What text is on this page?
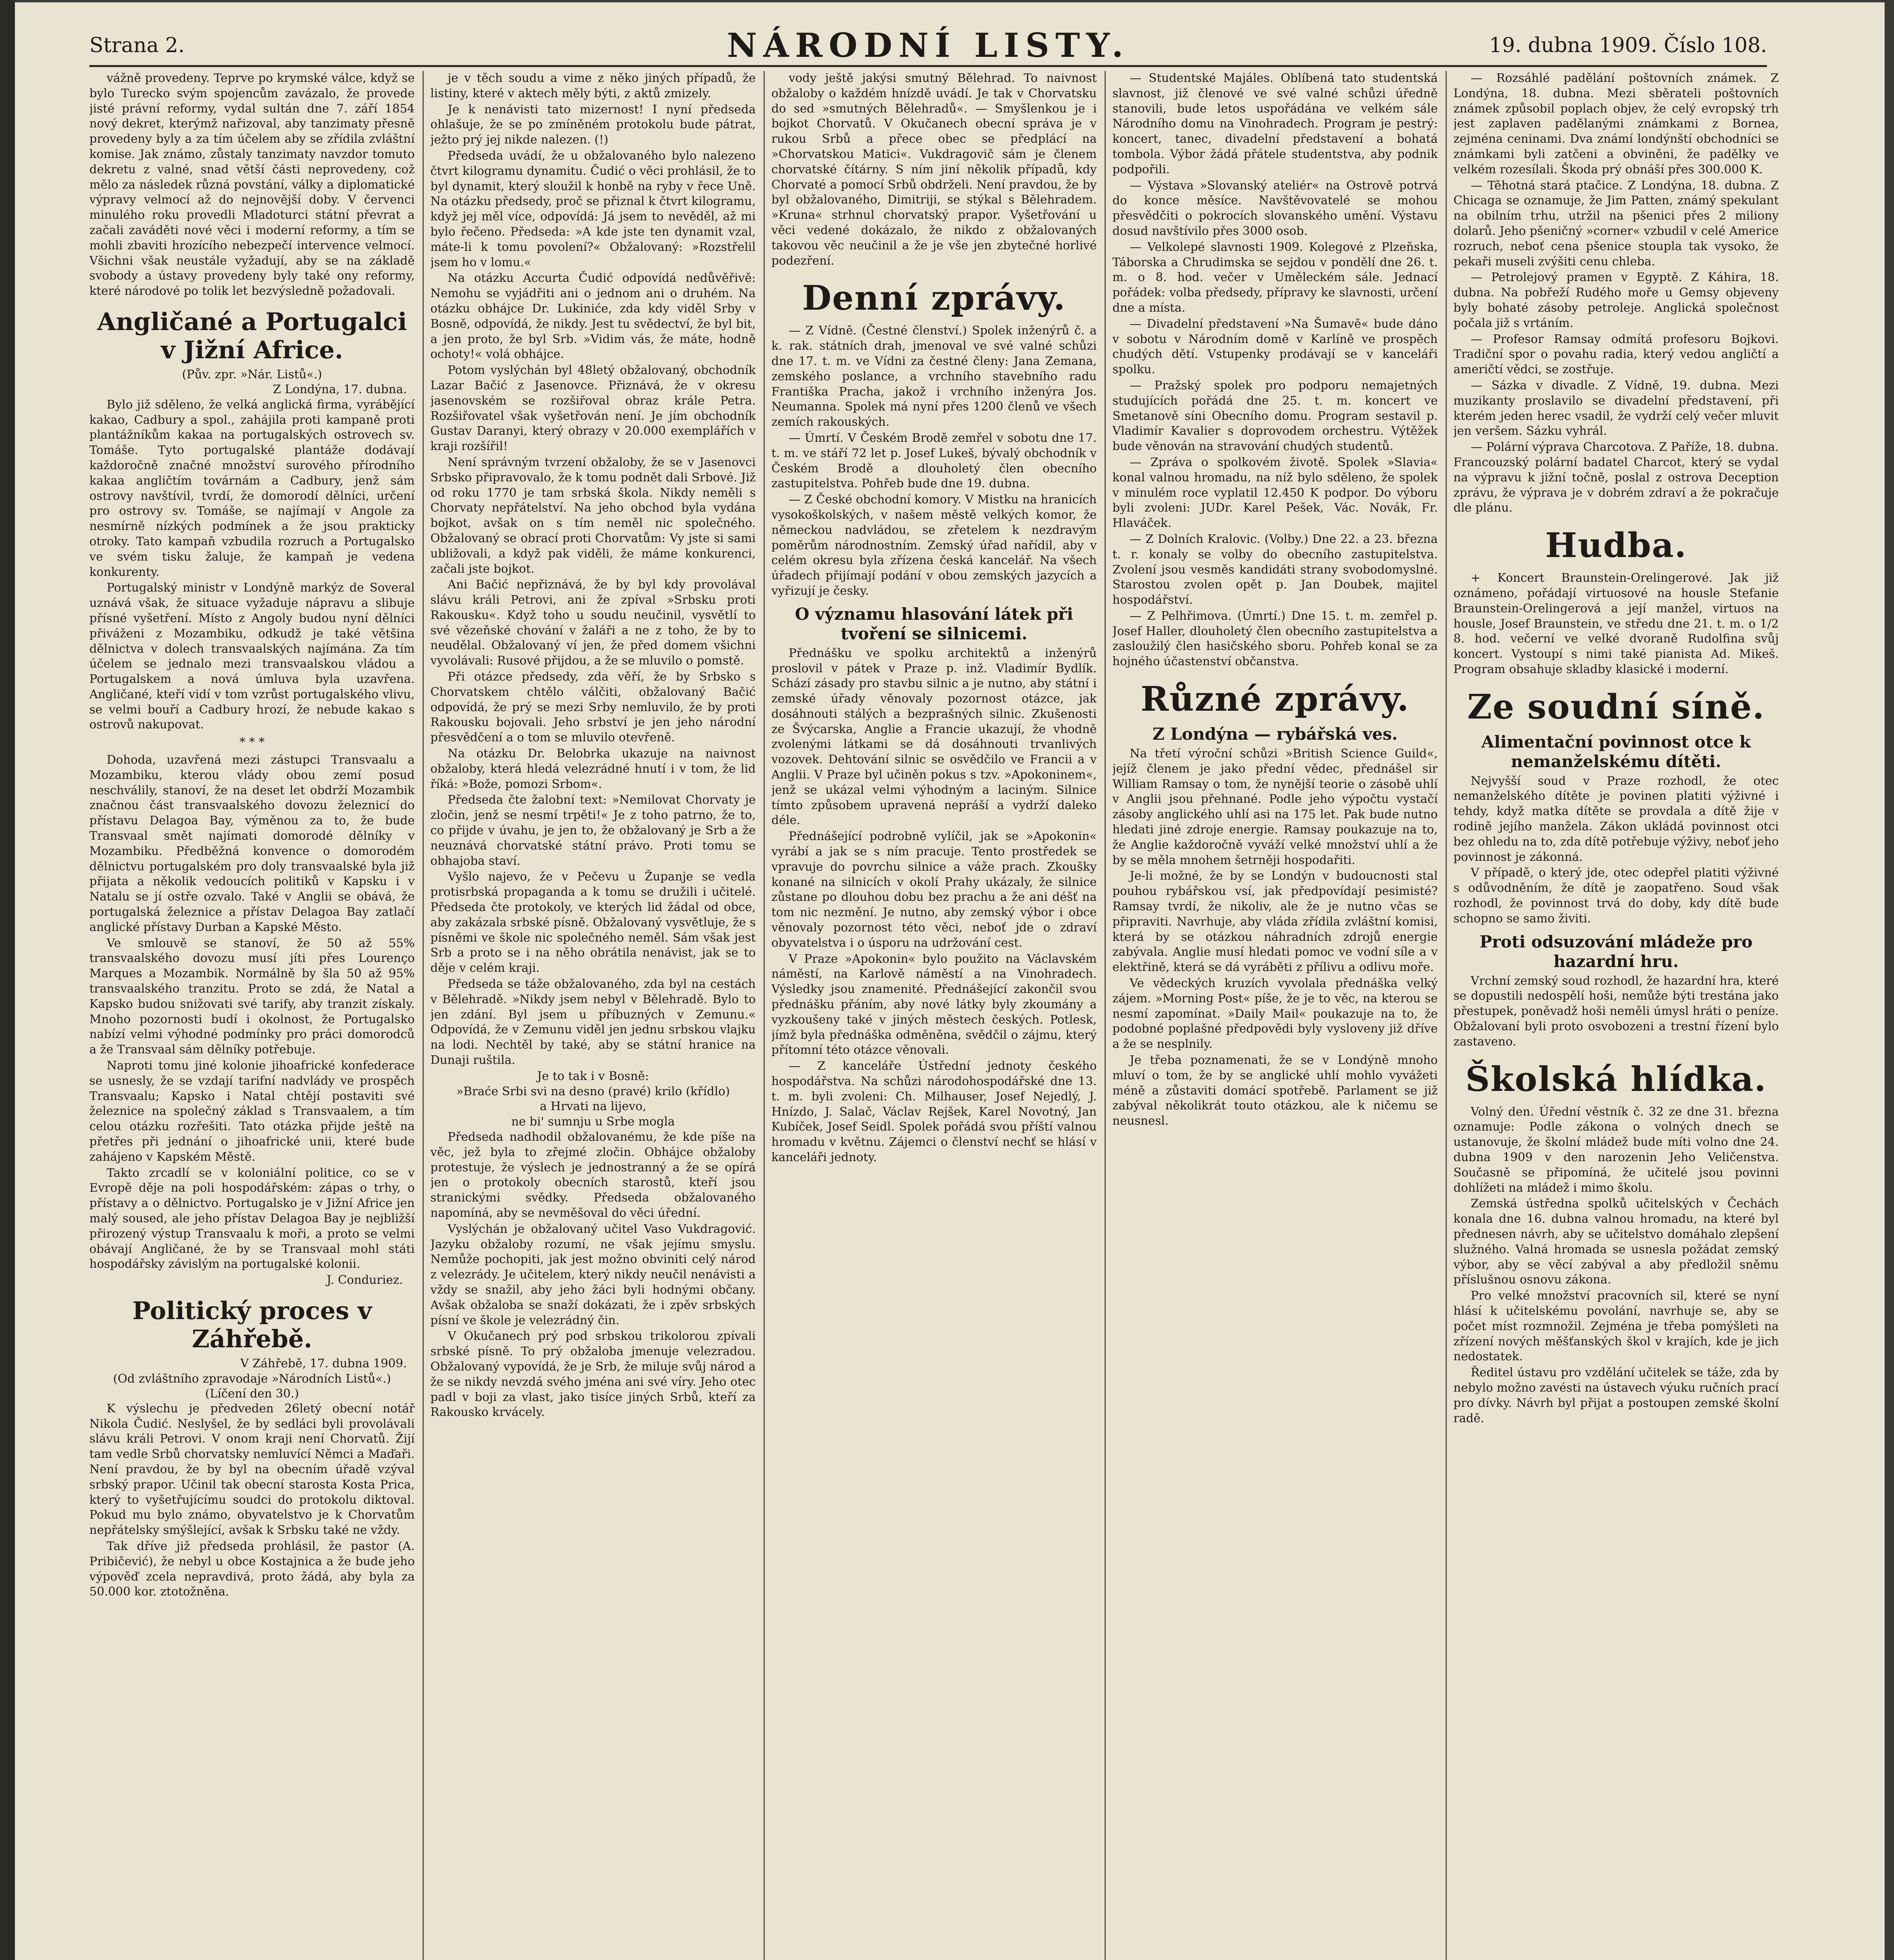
Strana 2.	NÁRODNÍ LISTY.	19. dubna 1909. Číslo 108.

vážně provedeny. Teprve po krymské válce, když se bylo Turecko svým spojencům zavázalo, že provede jisté právní reformy, vydal sultán dne 7. září 1854 nový dekret, kterýmž nařizoval, aby tanzimaty přesně provedeny byly a za tím účelem aby se zřídila zvláštní komise. Jak známo, zůstaly tanzimaty navzdor tomuto dekretu z valné, snad větší části neprovedeny, což mělo za následek různá povstání, války a diplomatické výpravy velmocí až do nejnovější doby. V červenci minulého roku provedli Mladoturci státní převrat a začali zaváděti nové věci i moderní reformy, a tím se mohli zbaviti hrozícího nebezpečí intervence velmocí. Všichni však neustále vyžadují, aby se na základě svobody a ústavy provedeny byly také ony reformy, které národové po tolik let bezvýsledně požadovali.

Angličané a Portugalci v Jižní Africe.
(Pův. zpr. »Nár. Listů«.)
Z Londýna, 17. dubna.

Bylo již sděleno, že velká anglická firma, vyrábějící kakao, Cadbury a spol., zahájila proti kampaně proti plantážníkům kakaa na portugalských ostrovech sv. Tomáše. Tyto portugalské plantáže dodávají každoročně značné množství surového přírodního kakaa angličtím továrnám a Cadbury, jenž sám ostrovy navštívil, tvrdí, že domorodí dělníci, určení pro ostrovy sv. Tomáše, se najímají v Angole za nesmírně nízkých podmínek a že jsou prakticky otroky. Tato kampaň vzbudila rozruch a Portugalsko ve svém tisku žaluje, že kampaň je vedena konkurenty.

Portugalský ministr v Londýně markýz de Soveral uznává však, že situace vyžaduje nápravu a slibuje přísné vyšetření. Místo z Angoly budou nyní dělníci přiváženi z Mozambiku, odkudž je také většina dělnictva v dolech transvaalských najímána. Za tím účelem se jednalo mezi transvaalskou vládou a Portugalskem a nová úmluva byla uzavřena. Angličané, kteří vidí v tom vzrůst portugalského vlivu, se velmi bouří a Cadbury hrozí, že nebude kakao s ostrovů nakupovat.

* * *

Dohoda, uzavřená mezi zástupci Transvaalu a Mozambiku, kterou vlády obou zemí posud neschválily, stanoví, že na deset let obdrží Mozambik značnou část transvaalského dovozu železnicí do přístavu Delagoa Bay, výměnou za to, že bude Transvaal smět najímati domorodé dělníky v Mozambiku. Předběžná konvence o domorodém dělnictvu portugalském pro doly transvaalské byla již přijata a několik vedoucích politiků v Kapsku i v Natalu se jí ostře ozvalo. Také v Anglii se obává, že portugalská železnice a přístav Delagoa Bay zatlačí anglické přístavy Durban a Kapské Město.

Ve smlouvě se stanoví, že 50 až 55% transvaalského dovozu musí jíti přes Lourenço Marques a Mozambik. Normálně by šla 50 až 95% transvaalského tranzitu. Proto se zdá, že Natal a Kapsko budou snižovati své tarify, aby tranzit získaly. Mnoho pozornosti budí i okolnost, že Portugalsko nabízí velmi výhodné podmínky pro práci domorodců a že Transvaal sám dělníky potřebuje.

Naproti tomu jiné kolonie jihoafrické konfederace se usnesly, že se vzdají tarifní nadvlády ve prospěch Transvaalu; Kapsko i Natal chtějí postaviti své železnice na společný základ s Transvaalem, a tím celou otázku rozřešiti. Tato otázka přijde ještě na přetřes při jednání o jihoafrické unii, které bude zahájeno v Kapském Městě.

Takto zrcadlí se v koloniální politice, co se v Evropě děje na poli hospodářském: zápas o trhy, o přístavy a o dělnictvo. Portugalsko je v Jižní Africe jen malý soused, ale jeho přístav Delagoa Bay je nejbližší přirozený výstup Transvaalu k moři, a proto se velmi obávají Angličané, že by se Transvaal mohl státi hospodářsky závislým na portugalské kolonii.

J. Conduriez.
Politický proces v Záhřebě.
V Záhřebě, 17. dubna 1909.
(Od zvláštního zpravodaje »Národních Listů«.)
(Líčení den 30.)

K výslechu je předveden 26letý obecní notář Nikola Čudić. Neslyšel, že by sedláci byli provolávali slávu králi Petrovi. V onom kraji není Chorvatů. Žijí tam vedle Srbů chorvatsky nemluvící Němci a Maďaři. Není pravdou, že by byl na obecním úřadě vzýval srbský prapor. Učinil tak obecní starosta Kosta Prica, který to vyšetřujícímu soudci do protokolu diktoval. Pokud mu bylo známo, obyvatelstvo je k Chorvatům nepřátelsky smýšlející, avšak k Srbsku také ne vždy.

Tak dříve již předseda prohlásil, že pastor (A. Pribičević), že nebyl u obce Kostajnica a že bude jeho výpověď zcela nepravdivá, proto žádá, aby byla za 50.000 kor. ztotožněna.

je v těch soudu a vime z něko jiných případů, že listiny, které v aktech měly býti, z aktů zmizely.

Je k nenávisti tato mizernost! I nyní předseda ohlašuje, že se po zmíněném protokolu bude pátrat, ježto prý jej nikde nalezen. (!)

Předseda uvádí, že u obžalovaného bylo nalezeno čtvrt kilogramu dynamitu. Čudić o věci prohlásil, že to byl dynamit, který sloužil k honbě na ryby v řece Uně. Na otázku předsedy, proč se přiznal k čtvrt kilogramu, když jej měl více, odpovídá: Já jsem to nevěděl, až mi bylo řečeno. Předseda: »A kde jste ten dynamit vzal, máte-li k tomu povolení?« Obžalovaný: »Rozstřelil jsem ho v lomu.«

Na otázku Accurta Čudić odpovídá nedůvěřivě: Nemohu se vyjádřiti ani o jednom ani o druhém. Na otázku obhájce Dr. Lukiniće, zda kdy viděl Srby v Bosně, odpovídá, že nikdy. Jest tu svědectví, že byl bit, a jen proto, že byl Srb. »Vidim vás, že máte, hodně ochoty!« volá obhájce.

Potom vyslýchán byl 48letý obžalovaný, obchodník Lazar Bačić z Jasenovce. Přiznává, že v okresu jasenovském se rozšiřoval obraz krále Petra. Rozšiřovatel však vyšetřován není. Je jím obchodník Gustav Daranyi, který obrazy v 20.000 exemplářích v kraji rozšířil!

Není správným tvrzení obžaloby, že se v Jasenovci Srbsko připravovalo, že k tomu podnět dali Srbové. Již od roku 1770 je tam srbská škola. Nikdy neměli s Chorvaty nepřátelství. Na jeho obchod byla vydána bojkot, avšak on s tím neměl nic společného. Obžalovaný se obrací proti Chorvatům: Vy jste si sami ubližovali, a když pak viděli, že máme konkurenci, začali jste bojkot.

Ani Bačić nepřiznává, že by byl kdy provolával slávu králi Petrovi, ani že zpíval »Srbsku proti Rakousku«. Když toho u soudu neučinil, vysvětlí to své vězeňské chování v žaláři a ne z toho, že by to neudělal. Obžalovaný ví jen, že před domem všichni vyvolávali: Rusové přijdou, a že se mluvilo o pomstě.

Při otázce předsedy, zda věří, že by Srbsko s Chorvatskem chtělo válčiti, obžalovaný Bačić odpovídá, že prý se mezi Srby nemluvilo, že by proti Rakousku bojovali. Jeho srbství je jen jeho národní přesvědčení a o tom se mluvilo otevřeně.

Na otázku Dr. Belobrka ukazuje na naivnost obžaloby, která hledá velezrádné hnutí i v tom, že lid říká: »Bože, pomozi Srbom«.

Předseda čte žalobní text: »Nemilovat Chorvaty je zločin, jenž se nesmí trpěti!« Je z toho patrno, že to, co přijde v úvahu, je jen to, že obžalovaný je Srb a že neuznává chorvatské státní právo. Proti tomu se obhajoba staví.

Vyšlo najevo, že v Pečevu u Županje se vedla protisrbská propaganda a k tomu se družili i učitelé. Předseda čte protokoly, ve kterých lid žádal od obce, aby zakázala srbské písně. Obžalovaný vysvětluje, že s písněmi ve škole nic společného neměl. Sám však jest Srb a proto se i na něho obrátila nenávist, jak se to děje v celém kraji.

Předseda se táže obžalovaného, zda byl na cestách v Bělehradě. »Nikdy jsem nebyl v Bělehradě. Bylo to jen zdání. Byl jsem u příbuzných v Zemunu.« Odpovídá, že v Zemunu viděl jen jednu srbskou vlajku na lodi. Nechtěl by také, aby se státní hranice na Dunaji ruštila.

Je to tak i v Bosně:
»Braće Srbi svi na desno (pravé) krilo (křídlo)
a Hrvati na lijevo,
ne bi' sumnju u Srbe mogla

Předseda nadhodil obžalovanému, že kde píše na věc, jež byla to zřejmé zločin. Obhájce obžaloby protestuje, že výslech je jednostranný a že se opírá jen o protokoly obecních starostů, kteří jsou stranickými svědky. Předseda obžalovaného napomíná, aby se nevměšoval do věci úřední.

Vyslýchán je obžalovaný učitel Vaso Vukdragović. Jazyku obžaloby rozumí, ne však jejímu smyslu. Nemůže pochopiti, jak jest možno obviniti celý národ z velezrády. Je učitelem, který nikdy neučil nenávisti a vždy se snažil, aby jeho žáci byli hodnými občany. Avšak obžaloba se snaží dokázati, že i zpěv srbských písní ve škole je velezrádný čin.

V Okučanech prý pod srbskou trikolorou zpívali srbské písně. To prý obžaloba jmenuje velezradou. Obžalovaný vypovídá, že je Srb, že miluje svůj národ a že se nikdy nevzdá svého jména ani své víry. Jeho otec padl v boji za vlast, jako tisíce jiných Srbů, kteří za Rakousko krvácely.

vody ještě jakýsi smutný Bělehrad. To naivnost obžaloby o každém hnízdě uvádí. Je tak v Chorvatsku do sed »smutných Bělehradů«. — Smyšlenkou je i bojkot Chorvatů. V Okučanech obecní správa je v rukou Srbů a přece obec se předplácí na »Chorvatskou Matici«. Vukdragovič sám je členem chorvatské čítárny. S ním jiní několik případů, kdy Chorvaté a pomocí Srbů obdrželi. Není pravdou, že by byl obžalovaného, Dimitriji, se stýkal s Bělehradem. »Kruna« strhnul chorvatský prapor. Vyšetřování u věci vedené dokázalo, že nikdo z obžalovaných takovou věc neučinil a že je vše jen zbytečné horlivé podezření.

Denní zprávy.

— Z Vídně. (Čestné členství.) Spolek inženýrů č. a k. rak. státních drah, jmenoval ve své valné schůzi dne 17. t. m. ve Vídni za čestné členy: Jana Zemana, zemského poslance, a vrchního stavebního radu Františka Pracha, jakož i vrchního inženýra Jos. Neumanna. Spolek má nyní přes 1200 členů ve všech zemích rakouských.

— Úmrtí. V Českém Brodě zemřel v sobotu dne 17. t. m. ve stáří 72 let p. Josef Lukeš, bývalý obchodník v Českém Brodě a dlouholetý člen obecního zastupitelstva. Pohřeb bude dne 19. dubna.

— Z České obchodní komory. V Mistku na hranicích vysokoškolských, v našem městě velkých komor, že německou nadvládou, se zřetelem k nezdravým poměrům národnostním. Zemský úřad nařídil, aby v celém okresu byla zřízena česká kancelář. Na všech úřadech přijímají podání v obou zemských jazycích a vyřizují je česky.

O významu hlasování látek při tvoření se silnicemi.

Přednášku ve spolku architektů a inženýrů proslovil v pátek v Praze p. inž. Vladimír Bydlík. Schází zásady pro stavbu silnic a je nutno, aby státní i zemské úřady věnovaly pozornost otázce, jak dosáhnouti stálých a bezprašných silnic. Zkušenosti ze Švýcarska, Anglie a Francie ukazují, že vhodně zvolenými látkami se dá dosáhnouti trvanlivých vozovek. Dehtování silnic se osvědčilo ve Francii a v Anglii. V Praze byl učiněn pokus s tzv. »Apokoninem«, jenž se ukázal velmi výhodným a laciným. Silnice tímto způsobem upravená nepráší a vydrží daleko déle.

Přednášející podrobně vylíčil, jak se »Apokonin« vyrábí a jak se s ním pracuje. Tento prostředek se vpravuje do povrchu silnice a váže prach. Zkoušky konané na silnicích v okolí Prahy ukázaly, že silnice zůstane po dlouhou dobu bez prachu a že ani déšť na tom nic nezmění. Je nutno, aby zemský výbor i obce věnovaly pozornost této věci, neboť jde o zdraví obyvatelstva i o úsporu na udržování cest.

V Praze »Apokonin« bylo použito na Václavském náměstí, na Karlově náměstí a na Vinohradech. Výsledky jsou znamenité. Přednášející zakončil svou přednášku přáním, aby nové látky byly zkoumány a vyzkoušeny také v jiných městech českých. Potlesk, jímž byla přednáška odměněna, svědčil o zájmu, který přítomní této otázce věnovali.

— Z kanceláře Ústřední jednoty českého hospodářstva. Na schůzi národohospodářské dne 13. t. m. byli zvoleni: Ch. Milhauser, Josef Nejedlý, J. Hnízdo, J. Salač, Václav Rejšek, Karel Novotný, Jan Kubíček, Josef Seidl. Spolek pořádá svou příští valnou hromadu v květnu. Zájemci o členství nechť se hlásí v kanceláři jednoty.

— Studentské Majáles. Oblíbená tato studentská slavnost, již členové ve své valné schůzi úředně stanovili, bude letos uspořádána ve velkém sále Národního domu na Vinohradech. Program je pestrý: koncert, tanec, divadelní představení a bohatá tombola. Výbor žádá přátele studentstva, aby podnik podpořili.

— Výstava »Slovanský ateliér« na Ostrově potrvá do konce měsíce. Navštěvovatelé se mohou přesvědčiti o pokrocích slovanského umění. Výstavu dosud navštívilo přes 3000 osob.

— Velkolepé slavnosti 1909. Kolegové z Plzeňska, Táborska a Chrudimska se sejdou v pondělí dne 26. t. m. o 8. hod. večer v Uměleckém sále. Jednací pořádek: volba předsedy, přípravy ke slavnosti, určení dne a místa.

— Divadelní představení »Na Šumavě« bude dáno v sobotu v Národním domě v Karlíně ve prospěch chudých dětí. Vstupenky prodávají se v kanceláři spolku.

— Pražský spolek pro podporu nemajetných studujících pořádá dne 25. t. m. koncert ve Smetanově síni Obecního domu. Program sestavil p. Vladimír Kavalier s doprovodem orchestru. Výtěžek bude věnován na stravování chudých studentů.

— Zpráva o spolkovém životě. Spolek »Slavia« konal valnou hromadu, na níž bylo sděleno, že spolek v minulém roce vyplatil 12.450 K podpor. Do výboru byli zvoleni: JUDr. Karel Pešek, Vác. Novák, Fr. Hlaváček.

— Z Dolních Kralovic. (Volby.) Dne 22. a 23. března t. r. konaly se volby do obecního zastupitelstva. Zvolení jsou vesměs kandidáti strany svobodomyslné. Starostou zvolen opět p. Jan Doubek, majitel hospodářství.

— Z Pelhřimova. (Úmrtí.) Dne 15. t. m. zemřel p. Josef Haller, dlouholetý člen obecního zastupitelstva a zasloužilý člen hasičského sboru. Pohřeb konal se za hojného účastenství občanstva.

Různé zprávy.
Z Londýna — rybářská ves.

Na třetí výroční schůzi »British Science Guild«, jejíž členem je jako přední vědec, přednášel sir William Ramsay o tom, že nynější teorie o zásobě uhlí v Anglii jsou přehnané. Podle jeho výpočtu vystačí zásoby anglického uhlí asi na 175 let. Pak bude nutno hledati jiné zdroje energie. Ramsay poukazuje na to, že Anglie každoročně vyváží velké množství uhlí a že by se měla mnohem šetrněji hospodařiti.

Je-li možné, že by se Londýn v budoucnosti stal pouhou rybářskou vsí, jak předpovídají pesimisté? Ramsay tvrdí, že nikoliv, ale že je nutno včas se připraviti. Navrhuje, aby vláda zřídila zvláštní komisi, která by se otázkou náhradních zdrojů energie zabývala. Anglie musí hledati pomoc ve vodní síle a v elektřině, která se dá vyráběti z přílivu a odlivu moře.

Ve vědeckých kruzích vyvolala přednáška velký zájem. »Morning Post« píše, že je to věc, na kterou se nesmí zapomínat. »Daily Mail« poukazuje na to, že podobné poplašné předpovědi byly vysloveny již dříve a že se nesplnily.

Je třeba poznamenati, že se v Londýně mnoho mluví o tom, že by se anglické uhlí mohlo vyvážeti méně a zůstaviti domácí spotřebě. Parlament se již zabýval několikrát touto otázkou, ale k ničemu se neusnesl.

— Rozsáhlé padělání poštovních známek. Z Londýna, 18. dubna. Mezi sběrateli poštovních známek způsobil poplach objev, že celý evropský trh jest zaplaven padělanými známkami z Bornea, zejména ceninami. Dva známí londýnští obchodníci se známkami byli zatčeni a obviněni, že padělky ve velkém rozesílali. Škoda prý obnáší přes 300.000 K.

— Těhotná stará ptačice. Z Londýna, 18. dubna. Z Chicaga se oznamuje, že Jim Patten, známý spekulant na obilním trhu, utržil na pšenici přes 2 miliony dolarů. Jeho pšeničný »corner« vzbudil v celé Americe rozruch, neboť cena pšenice stoupla tak vysoko, že pekaři museli zvýšiti cenu chleba.

— Petrolejový pramen v Egyptě. Z Káhira, 18. dubna. Na pobřeží Rudého moře u Gemsy objeveny byly bohaté zásoby petroleje. Anglická společnost počala již s vrtáním.

— Profesor Ramsay odmítá profesoru Bojkovi. Tradiční spor o povahu radia, který vedou angličtí a američtí vědci, se zostřuje.

— Sázka v divadle. Z Vídně, 19. dubna. Mezi muzikanty proslavilo se divadelní představení, při kterém jeden herec vsadil, že vydrží celý večer mluvit jen veršem. Sázku vyhrál.

— Polární výprava Charcotova. Z Paříže, 18. dubna. Francouzský polární badatel Charcot, který se vydal na výpravu k jižní točně, poslal z ostrova Deception zprávu, že výprava je v dobrém zdraví a že pokračuje dle plánu.

Hudba.

+ Koncert Braunstein-Orelingerové. Jak již oznámeno, pořádají virtuosové na housle Stefanie Braunstein-Orelingerová a její manžel, virtuos na housle, Josef Braunstein, ve středu dne 21. t. m. o 1/2 8. hod. večerní ve velké dvoraně Rudolfina svůj koncert. Vystoupí s nimi také pianista Ad. Mikeš. Program obsahuje skladby klasické i moderní.

Ze soudní síně.
Alimentační povinnost otce k nemanželskému dítěti.

Nejvyšší soud v Praze rozhodl, že otec nemanželského dítěte je povinen platiti výživné i tehdy, když matka dítěte se provdala a dítě žije v rodině jejího manžela. Zákon ukládá povinnost otci bez ohledu na to, zda dítě potřebuje výživy, neboť jeho povinnost je zákonná.

V případě, o který jde, otec odepřel platiti výživné s odůvodněním, že dítě je zaopatřeno. Soud však rozhodl, že povinnost trvá do doby, kdy dítě bude schopno se samo živiti.

Proti odsuzování mládeže pro hazardní hru.

Vrchní zemský soud rozhodl, že hazardní hra, které se dopustili nedospělí hoši, nemůže býti trestána jako přestupek, poněvadž hoši neměli úmysl hráti o peníze. Obžalovaní byli proto osvobozeni a trestní řízení bylo zastaveno.

Školská hlídka.

Volný den. Úřední věstník č. 32 ze dne 31. března oznamuje: Podle zákona o volných dnech se ustanovuje, že školní mládež bude míti volno dne 24. dubna 1909 v den narozenin Jeho Veličenstva. Současně se připomíná, že učitelé jsou povinni dohlížeti na mládež i mimo školu.

Zemská ústředna spolků učitelských v Čechách konala dne 16. dubna valnou hromadu, na které byl přednesen návrh, aby se učitelstvo domáhalo zlepšení služného. Valná hromada se usnesla požádat zemský výbor, aby se věcí zabýval a aby předložil sněmu příslušnou osnovu zákona.

Pro velké množství pracovních sil, které se nyní hlásí k učitelskému povolání, navrhuje se, aby se počet míst rozmnožil. Zejména je třeba pomýšleti na zřízení nových měšťanských škol v krajích, kde je jich nedostatek.

Ředitel ústavu pro vzdělání učitelek se táže, zda by nebylo možno zavésti na ústavech výuku ručních prací pro dívky. Návrh byl přijat a postoupen zemské školní radě.
